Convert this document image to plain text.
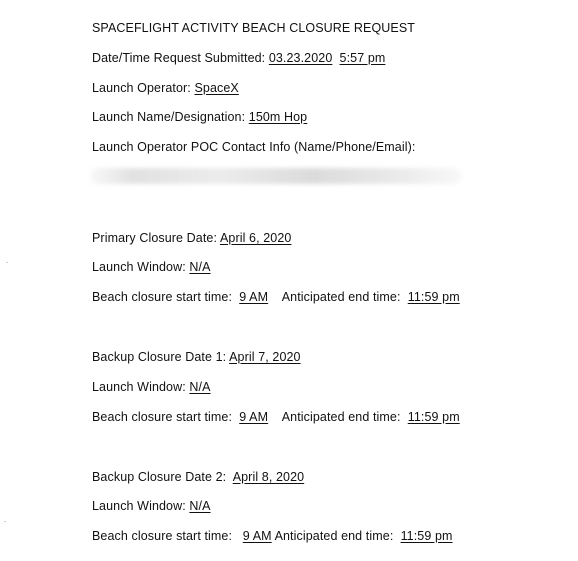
SPACEFLIGHT ACTIVITY BEACH CLOSURE REQUEST
Date/Time Request Submitted: 03.23.2020 5:57 pm
Launch Operator: SpaceX
Launch Name/Designation: 150m Hop
Launch Operator POC Contact Info (Name/Phone/Email):
Primary Closure Date: April 6, 2020
Launch Window: N/A
Beach closure start time: 9 AM Anticipated end time: 11:59 pm
Backup Closure Date 1: April 7, 2020
Launch Window: N/A
Beach closure start time: 9 AM Anticipated end time: 11:59 pm
Backup Closure Date 2: April 8, 2020
Launch Window: N/A
Beach closure start time: 9 AM Anticipated end time: 11:59 pm
